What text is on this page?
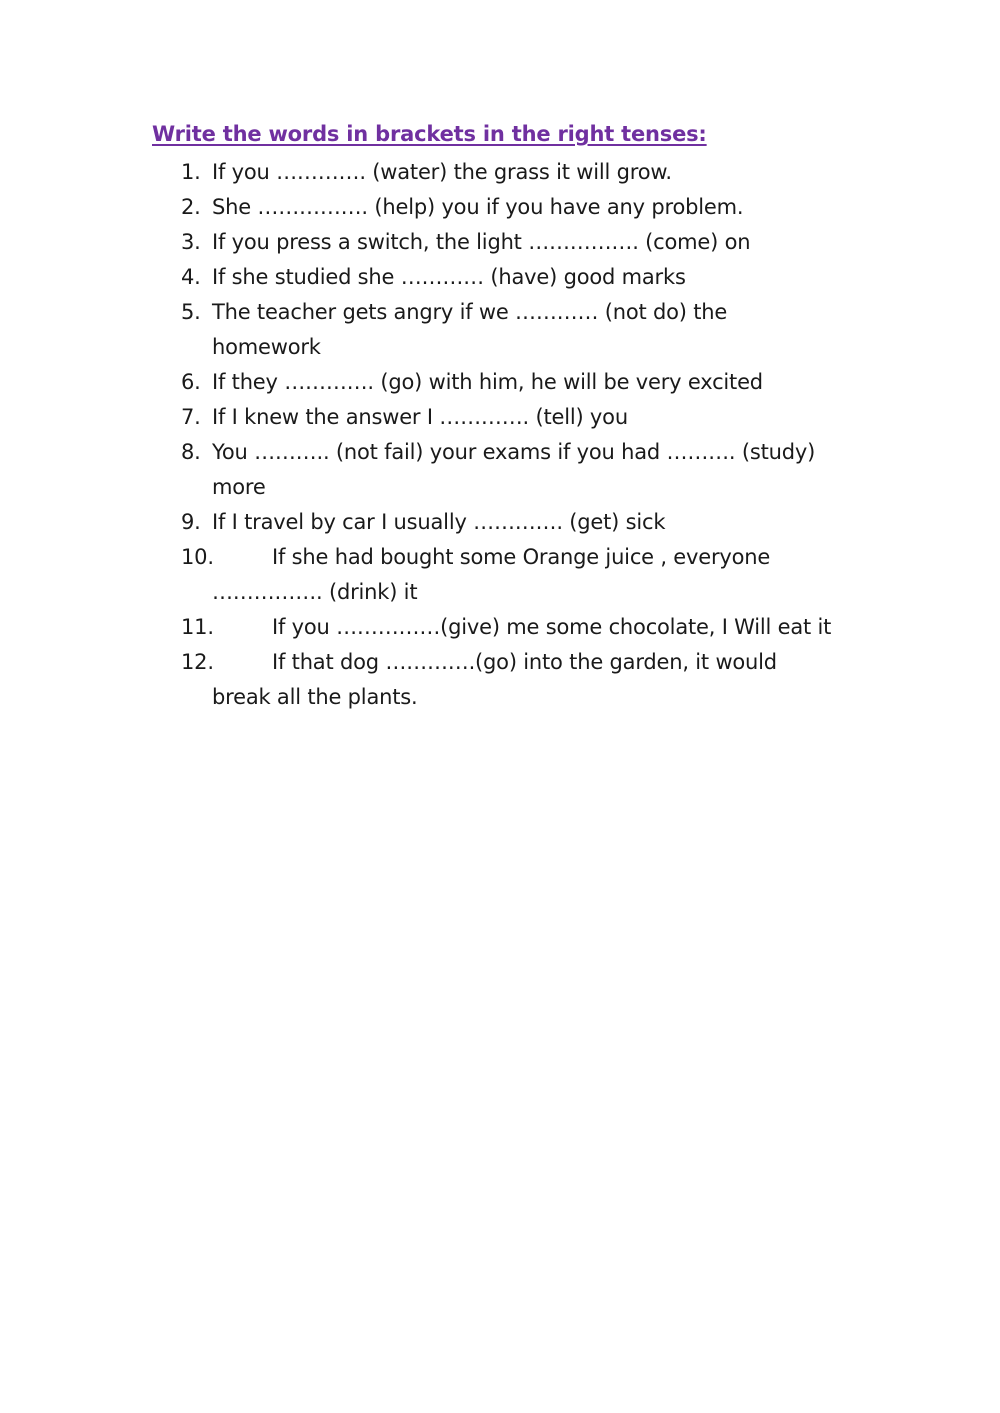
Write the words in brackets in the right tenses:
1. If you …………. (water) the grass it will grow.
2. She ……………. (help) you if you have any problem.
3. If you press a switch, the light ……………. (come) on
4. If she studied she ………… (have) good marks
5. The teacher gets angry if we ………… (not do) the
homework
6. If they …………. (go) with him, he will be very excited
7. If I knew the answer I …………. (tell) you
8. You ……….. (not fail) your exams if you had ………. (study)
more
9. If I travel by car I usually …………. (get) sick
10.	If she had bought some Orange juice , everyone
……………. (drink) it
11.	If you ……………(give) me some chocolate, I Will eat it
12.	If that dog ………….(go) into the garden, it would
break all the plants.
